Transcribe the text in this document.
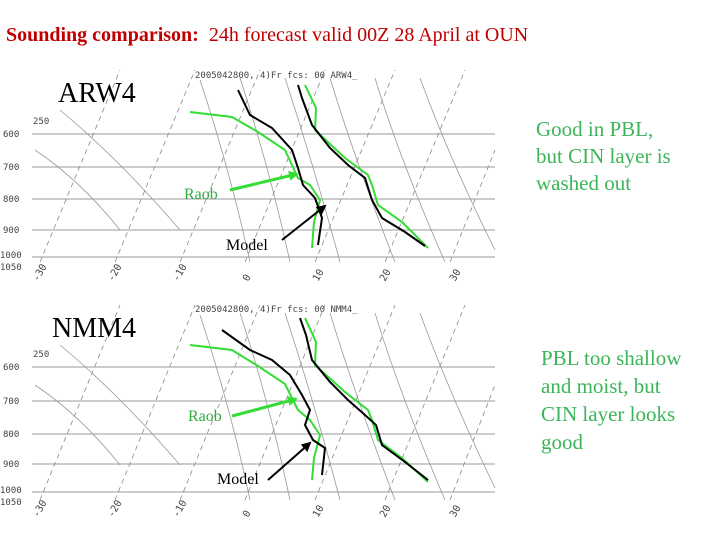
Sounding comparison: 24h forecast valid 00Z 28 April at OUN
600
700
800
900
1000
1050
250
-30	-20	-10	0	10	20	30
2005042800, 4)Fr fcs: 00 ARW4_
600
700
800
900
1000
1050
250
-30	-20	-10	0	10	20	30
2005042800, 4)Fr fcs: 00 NMM4_
ARW4
NMM4
Raob
Model
Raob
Model
Good in PBL,
but CIN layer is
washed out
PBL too shallow
and moist, but
CIN layer looks
good
